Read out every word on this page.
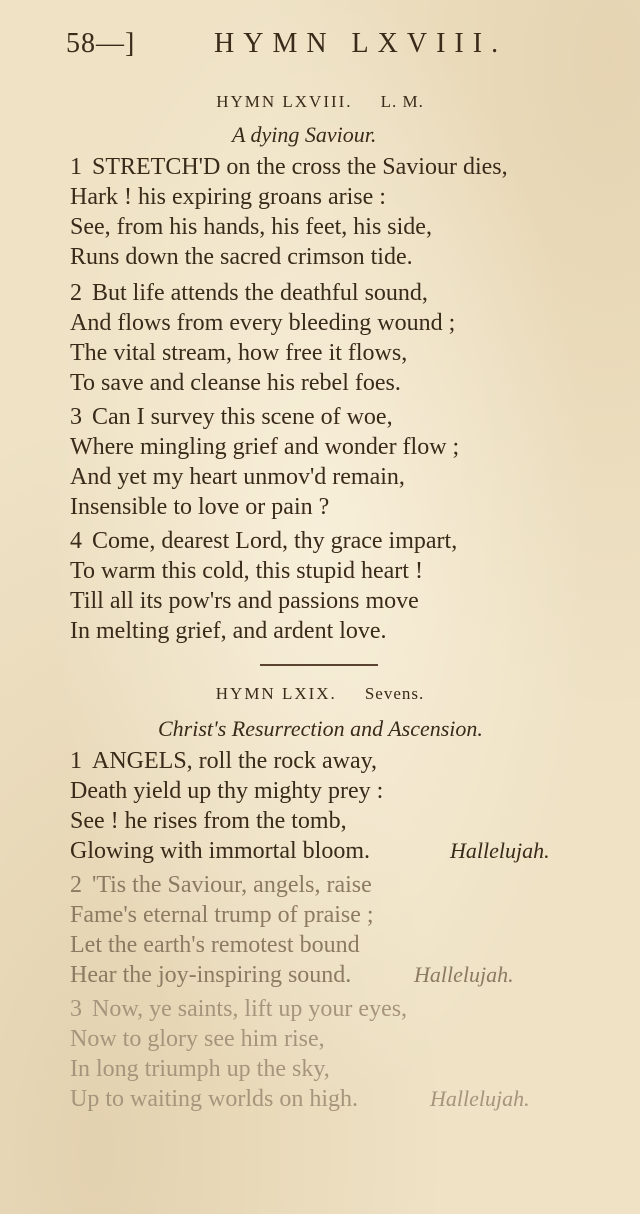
58—]	HYMN LXVIII.
HYMN LXVIII. L. M.
A dying Saviour.
1 STRETCH'D on the cross the Saviour dies,
Hark ! his expiring groans arise :
See, from his hands, his feet, his side,
Runs down the sacred crimson tide.
2 But life attends the deathful sound,
And flows from every bleeding wound ;
The vital stream, how free it flows,
To save and cleanse his rebel foes.
3 Can I survey this scene of woe,
Where mingling grief and wonder flow ;
And yet my heart unmov'd remain,
Insensible to love or pain ?
4 Come, dearest Lord, thy grace impart,
To warm this cold, this stupid heart !
Till all its pow'rs and passions move
In melting grief, and ardent love.
HYMN LXIX. Sevens.
Christ's Resurrection and Ascension.
1 ANGELS, roll the rock away,
Death yield up thy mighty prey :
See ! he rises from the tomb,
Glowing with immortal bloom.	Hallelujah.
2 'Tis the Saviour, angels, raise
Fame's eternal trump of praise ;
Let the earth's remotest bound
Hear the joy-inspiring sound.	Hallelujah.
3 Now, ye saints, lift up your eyes,
Now to glory see him rise,
In long triumph up the sky,
Up to waiting worlds on high.	Hallelujah.
